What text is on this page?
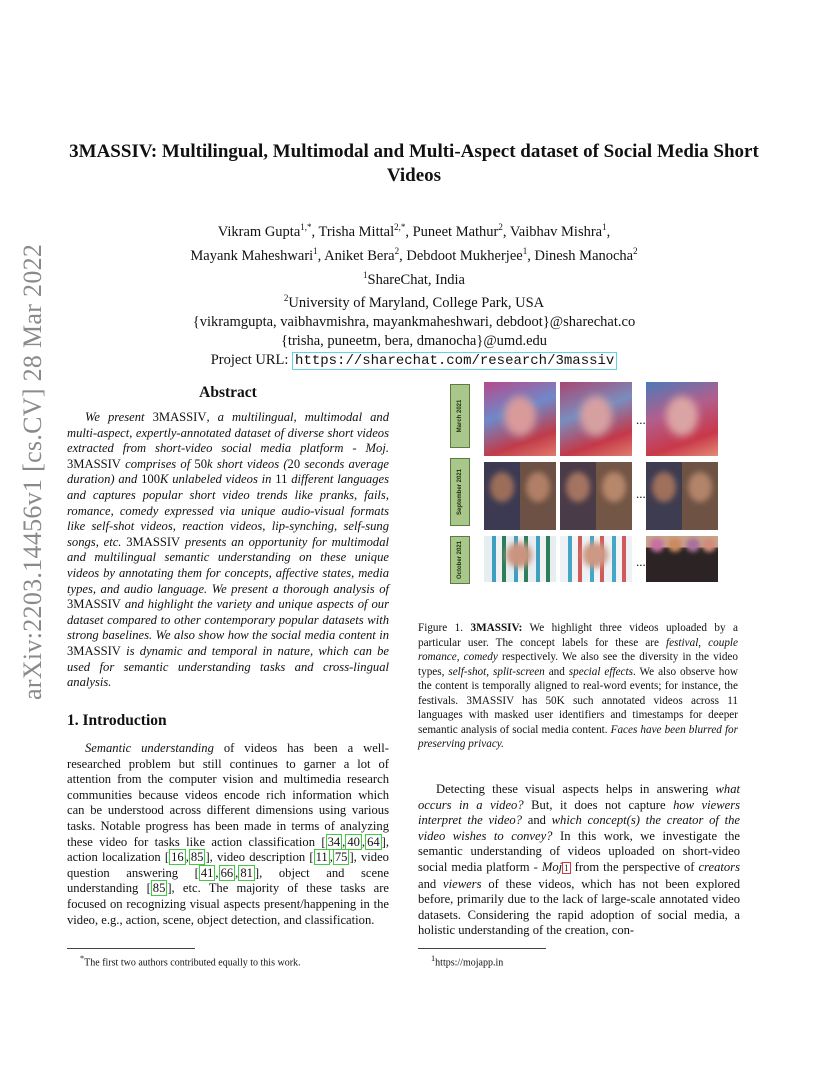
arXiv:2203.14456v1 [cs.CV] 28 Mar 2022
3MASSIV: Multilingual, Multimodal and Multi-Aspect dataset of Social Media Short Videos
Vikram Gupta$^{1,*}$, Trisha Mittal$^{2,*}$, Puneet Mathur$^2$, Vaibhav Mishra$^1$,
Mayank Maheshwari$^1$, Aniket Bera$^2$, Debdoot Mukherjee$^1$, Dinesh Manocha$^2$
$^1$ShareChat, India
$^2$University of Maryland, College Park, USA
{vikramgupta, vaibhavmishra, mayankmaheshwari, debdoot}@sharechat.co
{trisha, puneetm, bera, dmanocha}@umd.edu
Project URL: https://sharechat.com/research/3massiv
Abstract

We present 3MASSIV, a multilingual, multimodal and multi-aspect, expertly-annotated dataset of diverse short videos extracted from short-video social media platform - Moj. 3MASSIV comprises of 50k short videos (20 seconds average duration) and 100K unlabeled videos in 11 different languages and captures popular short video trends like pranks, fails, romance, comedy expressed via unique audio-visual formats like self-shot videos, reaction videos, lip-synching, self-sung songs, etc. 3MASSIV presents an opportunity for multimodal and multilingual semantic understanding on these unique videos by annotating them for concepts, affective states, media types, and audio language. We present a thorough analysis of 3MASSIV and highlight the variety and unique aspects of our dataset compared to other contemporary popular datasets with strong baselines. We also show how the social media content in 3MASSIV is dynamic and temporal in nature, which can be used for semantic understanding tasks and cross-lingual analysis.

1. Introduction

Semantic understanding of videos has been a well-researched problem but still continues to garner a lot of attention from the computer vision and multimedia research communities because videos encode rich information which can be understood across different dimensions using various tasks. Notable progress has been made in terms of analyzing these video for tasks like action classification [ 34 , 40 , 64 ], action localization [ 16 , 85 ], video description [ 11 , 75 ], video question answering [ 41 , 66 , 81 ], object and scene understanding [ 85 ], etc. The majority of these tasks are focused on recognizing visual aspects present/happening in the video, e.g., action, scene, object detection, and classification.

*The first two authors contributed equally to this work.
March 2021
September 2021
October 2021
...
...
...
Figure 1. 3MASSIV: We highlight three videos uploaded by a particular user. The concept labels for these are festival, couple romance, comedy respectively. We also see the diversity in the video types, self-shot, split-screen and special effects. We also observe how the content is temporally aligned to real-word events; for instance, the festivals. 3MASSIV has 50K such annotated videos across 11 languages with masked user identifiers and timestamps for deeper semantic analysis of social media content. Faces have been blurred for preserving privacy.

Detecting these visual aspects helps in answering what occurs in a video? But, it does not capture how viewers interpret the video? and which concept(s) the creator of the video wishes to convey? In this work, we investigate the semantic understanding of videos uploaded on short-video social media platform - Moj 1 from the perspective of creators and viewers of these videos, which has not been explored before, primarily due to the lack of large-scale annotated video datasets. Considering the rapid adoption of social media, a holistic understanding of the creation, con-

$^1$https://mojapp.in
